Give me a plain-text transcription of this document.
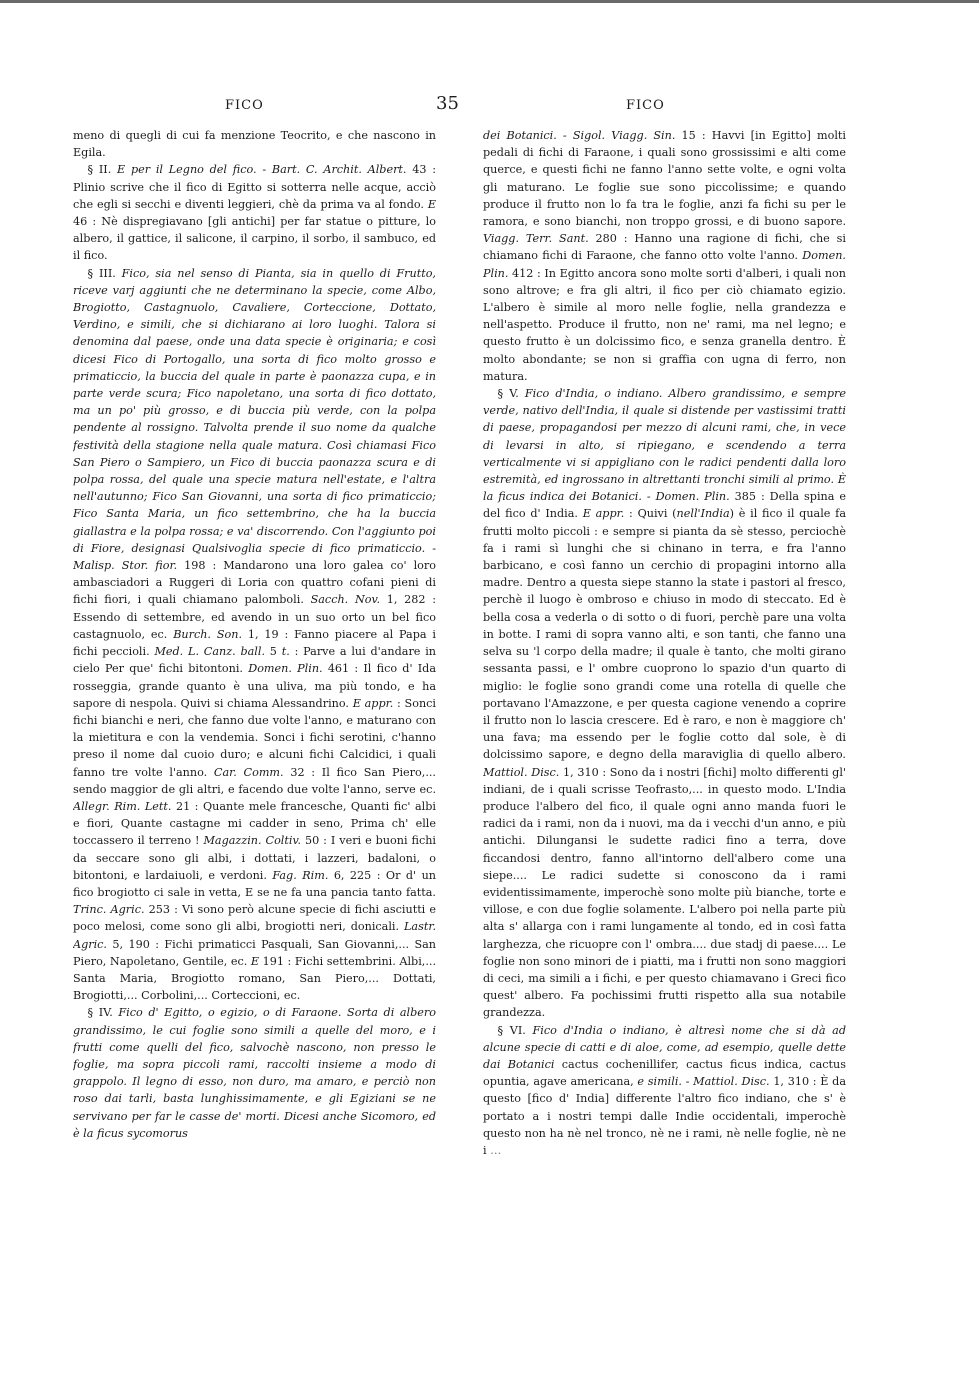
FICO	35	FICO

meno di quegli di cui fa menzione Teocrito, e che nascono in Egila.

§ II. E per il Legno del fico. - Bart. C. Archit. Albert. 43 : Plinio scrive che il fico di Egitto si sotterra nelle acque, acciò che egli si secchi e diventi leggieri, chè da prima va al fondo. E 46 : Nè dispregiavano [gli antichi] per far statue o pitture, lo albero, il gattice, il salicone, il carpino, il sorbo, il sambuco, ed il fico.

§ III. Fico, sia nel senso di Pianta, sia in quello di Frutto, riceve varj aggiunti che ne determinano la specie, come Albo, Brogiotto, Castagnuolo, Cavaliere, Corteccione, Dottato, Verdino, e simili, che si dichiarano ai loro luoghi. Talora si denomina dal paese, onde una data specie è originaria; e così dicesi Fico di Portogallo, una sorta di fico molto grosso e primaticcio, la buccia del quale in parte è paonazza cupa, e in parte verde scura; Fico napoletano, una sorta di fico dottato, ma un po' più grosso, e di buccia più verde, con la polpa pendente al rossigno. Talvolta prende il suo nome da qualche festività della stagione nella quale matura. Così chiamasi Fico San Piero o Sampiero, un Fico di buccia paonazza scura e di polpa rossa, del quale una specie matura nell'estate, e l'altra nell'autunno; Fico San Giovanni, una sorta di fico primaticcio; Fico Santa Maria, un fico settembrino, che ha la buccia giallastra e la polpa rossa; e va' discorrendo. Con l'aggiunto poi di Fiore, designasi Qualsivoglia specie di fico primaticcio. - Malisp. Stor. fior. 198 : Mandarono una loro galea co' loro ambasciadori a Ruggeri di Loria con quattro cofani pieni di fichi fiori, i quali chiamano palomboli. Sacch. Nov. 1, 282 : Essendo di settembre, ed avendo in un suo orto un bel fico castagnuolo, ec. Burch. Son. 1, 19 : Fanno piacere al Papa i fichi peccioli. Med. L. Canz. ball. 5 t. : Parve a lui d'andare in cielo Per que' fichi bitontoni. Domen. Plin. 461 : Il fico d' Ida rosseggia, grande quanto è una uliva, ma più tondo, e ha sapore di nespola. Quivi si chiama Alessandrino. E appr. : Sonci fichi bianchi e neri, che fanno due volte l'anno, e maturano con la mietitura e con la vendemia. Sonci i fichi serotini, c'hanno preso il nome dal cuoio duro; e alcuni fichi Calcidici, i quali fanno tre volte l'anno. Car. Comm. 32 : Il fico San Piero,... sendo maggior de gli altri, e facendo due volte l'anno, serve ec. Allegr. Rim. Lett. 21 : Quante mele francesche, Quanti fic' albi e fiori, Quante castagne mi cadder in seno, Prima ch' elle toccassero il terreno ! Magazzin. Coltiv. 50 : I veri e buoni fichi da seccare sono gli albi, i dottati, i lazzeri, badaloni, o bitontoni, e lardaiuoli, e verdoni. Fag. Rim. 6, 225 : Or d' un fico brogiotto ci sale in vetta, E se ne fa una pancia tanto fatta. Trinc. Agric. 253 : Vi sono però alcune specie di fichi asciutti e poco melosi, come sono gli albi, brogiotti neri, donicali. Lastr. Agric. 5, 190 : Fichi primaticci Pasquali, San Giovanni,... San Piero, Napoletano, Gentile, ec. E 191 : Fichi settembrini. Albi,... Santa Maria, Brogiotto romano, San Piero,... Dottati, Brogiotti,... Corbolini,... Corteccioni, ec.

§ IV. Fico d' Egitto, o egizio, o di Faraone. Sorta di albero grandissimo, le cui foglie sono simili a quelle del moro, e i frutti come quelli del fico, salvochè nascono, non presso le foglie, ma sopra piccoli rami, raccolti insieme a modo di grappolo. Il legno di esso, non duro, ma amaro, e perciò non roso dai tarli, basta lunghissimamente, e gli Egiziani se ne servivano per far le casse de' morti. Dicesi anche Sicomoro, ed è la ficus sycomorus

dei Botanici. - Sigol. Viagg. Sin. 15 : Havvi [in Egitto] molti pedali di fichi di Faraone, i quali sono grossissimi e alti come querce, e questi fichi ne fanno l'anno sette volte, e ogni volta gli maturano. Le foglie sue sono piccolissime; e quando produce il frutto non lo fa tra le foglie, anzi fa fichi su per le ramora, e sono bianchi, non troppo grossi, e di buono sapore. Viagg. Terr. Sant. 280 : Hanno una ragione di fichi, che si chiamano fichi di Faraone, che fanno otto volte l'anno. Domen. Plin. 412 : In Egitto ancora sono molte sorti d'alberi, i quali non sono altrove; e fra gli altri, il fico per ciò chiamato egizio. L'albero è simile al moro nelle foglie, nella grandezza e nell'aspetto. Produce il frutto, non ne' rami, ma nel legno; e questo frutto è un dolcissimo fico, e senza granella dentro. È molto abondante; se non si graffia con ugna di ferro, non matura.

§ V. Fico d'India, o indiano. Albero grandissimo, e sempre verde, nativo dell'India, il quale si distende per vastissimi tratti di paese, propagandosi per mezzo di alcuni rami, che, in vece di levarsi in alto, si ripiegano, e scendendo a terra verticalmente vi si appigliano con le radici pendenti dalla loro estremità, ed ingrossano in altrettanti tronchi simili al primo. È la ficus indica dei Botanici. - Domen. Plin. 385 : Della spina e del fico d' India. E appr. : Quivi (nell'India) è il fico il quale fa frutti molto piccoli : e sempre si pianta da sè stesso, perciochè fa i rami sì lunghi che si chinano in terra, e fra l'anno barbicano, e così fanno un cerchio di propagini intorno alla madre. Dentro a questa siepe stanno la state i pastori al fresco, perchè il luogo è ombroso e chiuso in modo di steccato. Ed è bella cosa a vederla o di sotto o di fuori, perchè pare una volta in botte. I rami di sopra vanno alti, e son tanti, che fanno una selva su 'l corpo della madre; il quale è tanto, che molti girano sessanta passi, e l' ombre cuoprono lo spazio d'un quarto di miglio: le foglie sono grandi come una rotella di quelle che portavano l'Amazzone, e per questa cagione venendo a coprire il frutto non lo lascia crescere. Ed è raro, e non è maggiore ch' una fava; ma essendo per le foglie cotto dal sole, è di dolcissimo sapore, e degno della maraviglia di quello albero. Mattiol. Disc. 1, 310 : Sono da i nostri [fichi] molto differenti gl' indiani, de i quali scrisse Teofrasto,... in questo modo. L'India produce l'albero del fico, il quale ogni anno manda fuori le radici da i rami, non da i nuovi, ma da i vecchi d'un anno, e più antichi. Dilungansi le sudette radici fino a terra, dove ficcandosi dentro, fanno all'intorno dell'albero come una siepe.... Le radici sudette si conoscono da i rami evidentissimamente, imperochè sono molte più bianche, torte e villose, e con due foglie solamente. L'albero poi nella parte più alta s' allarga con i rami lungamente al tondo, ed in così fatta larghezza, che ricuopre con l' ombra.... due stadj di paese.... Le foglie non sono minori de i piatti, ma i frutti non sono maggiori di ceci, ma simili a i fichi, e per questo chiamavano i Greci fico quest' albero. Fa pochissimi frutti rispetto alla sua notabile grandezza.

§ VI. Fico d'India o indiano, è altresì nome che si dà ad alcune specie di catti e di aloe, come, ad esempio, quelle dette dai Botanici cactus cochenillifer, cactus ficus indica, cactus opuntia, agave americana, e simili. - Mattiol. Disc. 1, 310 : È da questo [fico d' India] differente l'altro fico indiano, che s' è portato a i nostri tempi dalle Indie occidentali, imperochè questo non ha nè nel tronco, nè ne i rami, nè nelle foglie, nè ne i …
